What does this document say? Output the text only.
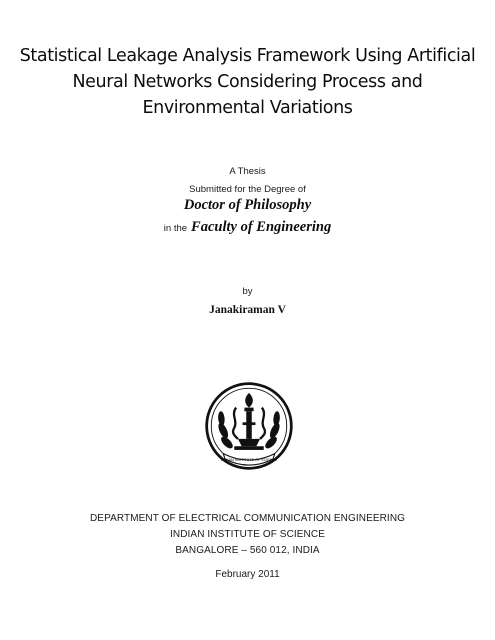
Statistical Leakage Analysis Framework Using Artificial
Neural Networks Considering Process and
Environmental Variations
A Thesis
Submitted for the Degree of
Doctor of Philosophy
in the Faculty of Engineering
by
Janakiraman V
INDIAN INSTITUTE OF SCIENCE
DEPARTMENT OF ELECTRICAL COMMUNICATION ENGINEERING
INDIAN INSTITUTE OF SCIENCE
BANGALORE – 560 012, INDIA
February 2011
